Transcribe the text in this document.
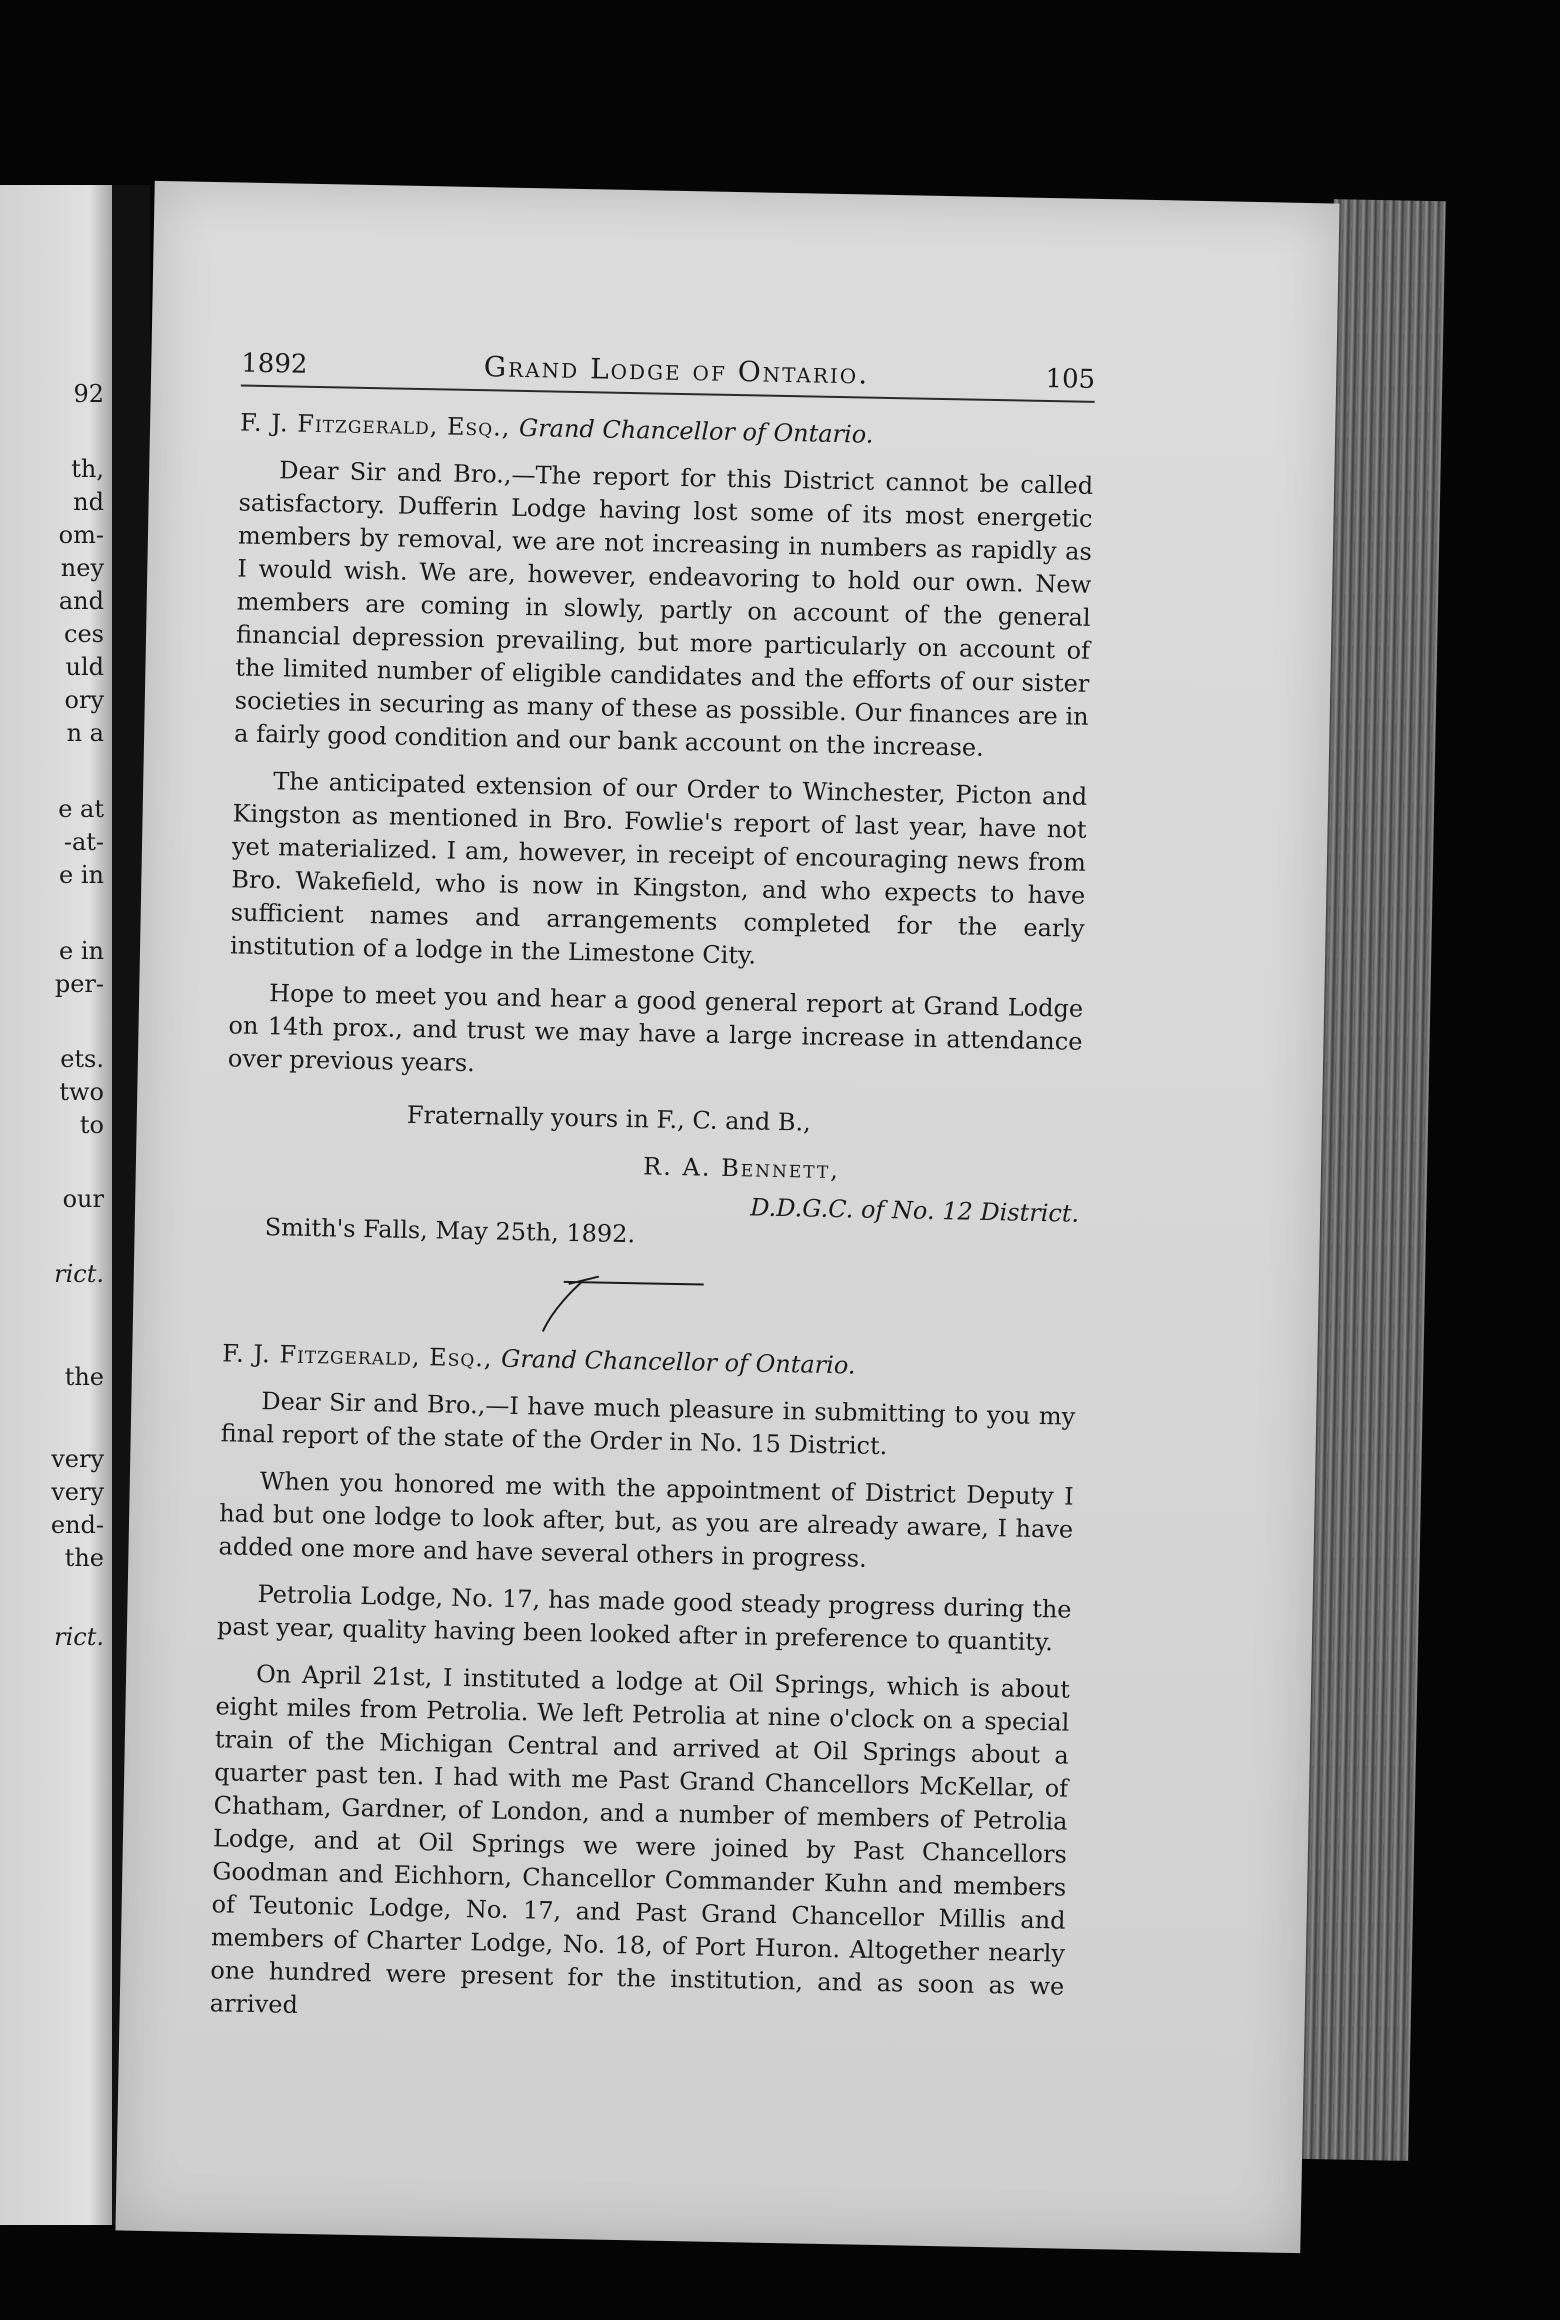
92
th,
nd
om-
ney
and
ces
uld
ory
n a
e at
-at-
e in
e in
per-
ets.
two
to
our
rict.
the
very
very
end-
the
rict.
1892	Grand Lodge of Ontario.	105

F. J. Fitzgerald, Esq., Grand Chancellor of Ontario.

Dear Sir and Bro.,—The report for this District cannot be called satisfactory. Dufferin Lodge having lost some of its most energetic members by removal, we are not increasing in numbers as rapidly as I would wish. We are, however, endeavoring to hold our own. New members are coming in slowly, partly on account of the general financial depression prevailing, but more particularly on account of the limited number of eligible candidates and the efforts of our sister societies in securing as many of these as possible. Our finances are in a fairly good condition and our bank account on the increase.

The anticipated extension of our Order to Winchester, Picton and Kingston as mentioned in Bro. Fowlie's report of last year, have not yet materialized. I am, however, in receipt of encouraging news from Bro. Wakefield, who is now in Kingston, and who expects to have sufficient names and arrangements completed for the early institution of a lodge in the Limestone City.

Hope to meet you and hear a good general report at Grand Lodge on 14th prox., and trust we may have a large increase in attendance over previous years.

Fraternally yours in F., C. and B.,

R. A. Bennett,

D.D.G.C. of No. 12 District.

Smith's Falls, May 25th, 1892.

F. J. Fitzgerald, Esq., Grand Chancellor of Ontario.

Dear Sir and Bro.,—I have much pleasure in submitting to you my final report of the state of the Order in No. 15 District.

When you honored me with the appointment of District Deputy I had but one lodge to look after, but, as you are already aware, I have added one more and have several others in progress.

Petrolia Lodge, No. 17, has made good steady progress during the past year, quality having been looked after in preference to quantity.

On April 21st, I instituted a lodge at Oil Springs, which is about eight miles from Petrolia. We left Petrolia at nine o'clock on a special train of the Michigan Central and arrived at Oil Springs about a quarter past ten. I had with me Past Grand Chancellors McKellar, of Chatham, Gardner, of London, and a number of members of Petrolia Lodge, and at Oil Springs we were joined by Past Chancellors Goodman and Eichhorn, Chancellor Commander Kuhn and members of Teutonic Lodge, No. 17, and Past Grand Chancellor Millis and members of Charter Lodge, No. 18, of Port Huron. Altogether nearly one hundred were present for the institution, and as soon as we arrived
